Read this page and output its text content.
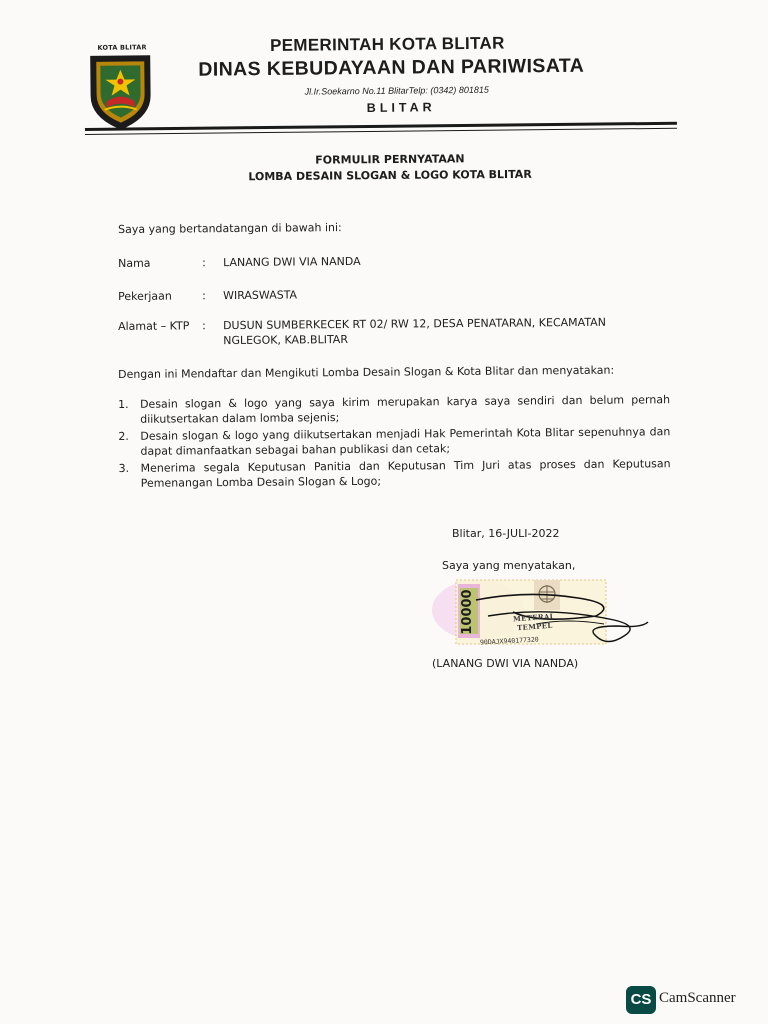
KOTA BLITAR	PEMERINTAH KOTA BLITAR
DINAS KEBUDAYAAN DAN PARIWISATA
Jl.Ir.Soekarno No.11 BlitarTelp: (0342) 801815
BLITAR
FORMULIR PERNYATAAN
LOMBA DESAIN SLOGAN & LOGO KOTA BLITAR
Saya yang bertandatangan di bawah ini:
Nama	: LANANG DWI VIA NANDA
Pekerjaan	: WIRASWASTA
Alamat – KTP : DUSUN SUMBERKECEK RT 02/ RW 12, DESA PENATARAN, KECAMATAN NGLEGOK, KAB.BLITAR
Dengan ini Mendaftar dan Mengikuti Lomba Desain Slogan & Kota Blitar dan menyatakan:
1. Desain slogan & logo yang saya kirim merupakan karya saya sendiri dan belum pernah diikutsertakan dalam lomba sejenis;
2. Desain slogan & logo yang diikutsertakan menjadi Hak Pemerintah Kota Blitar sepenuhnya dan dapat dimanfaatkan sebagai bahan publikasi dan cetak;
3. Menerima segala Keputusan Panitia dan Keputusan Tim Juri atas proses dan Keputusan Pemenangan Lomba Desain Slogan & Logo;
Blitar, 16-JULI-2022
Saya yang menyatakan,
10000	METERAI
TEMPEL
90DAJX940177320
(LANANG DWI VIA NANDA)
CS CamScanner
